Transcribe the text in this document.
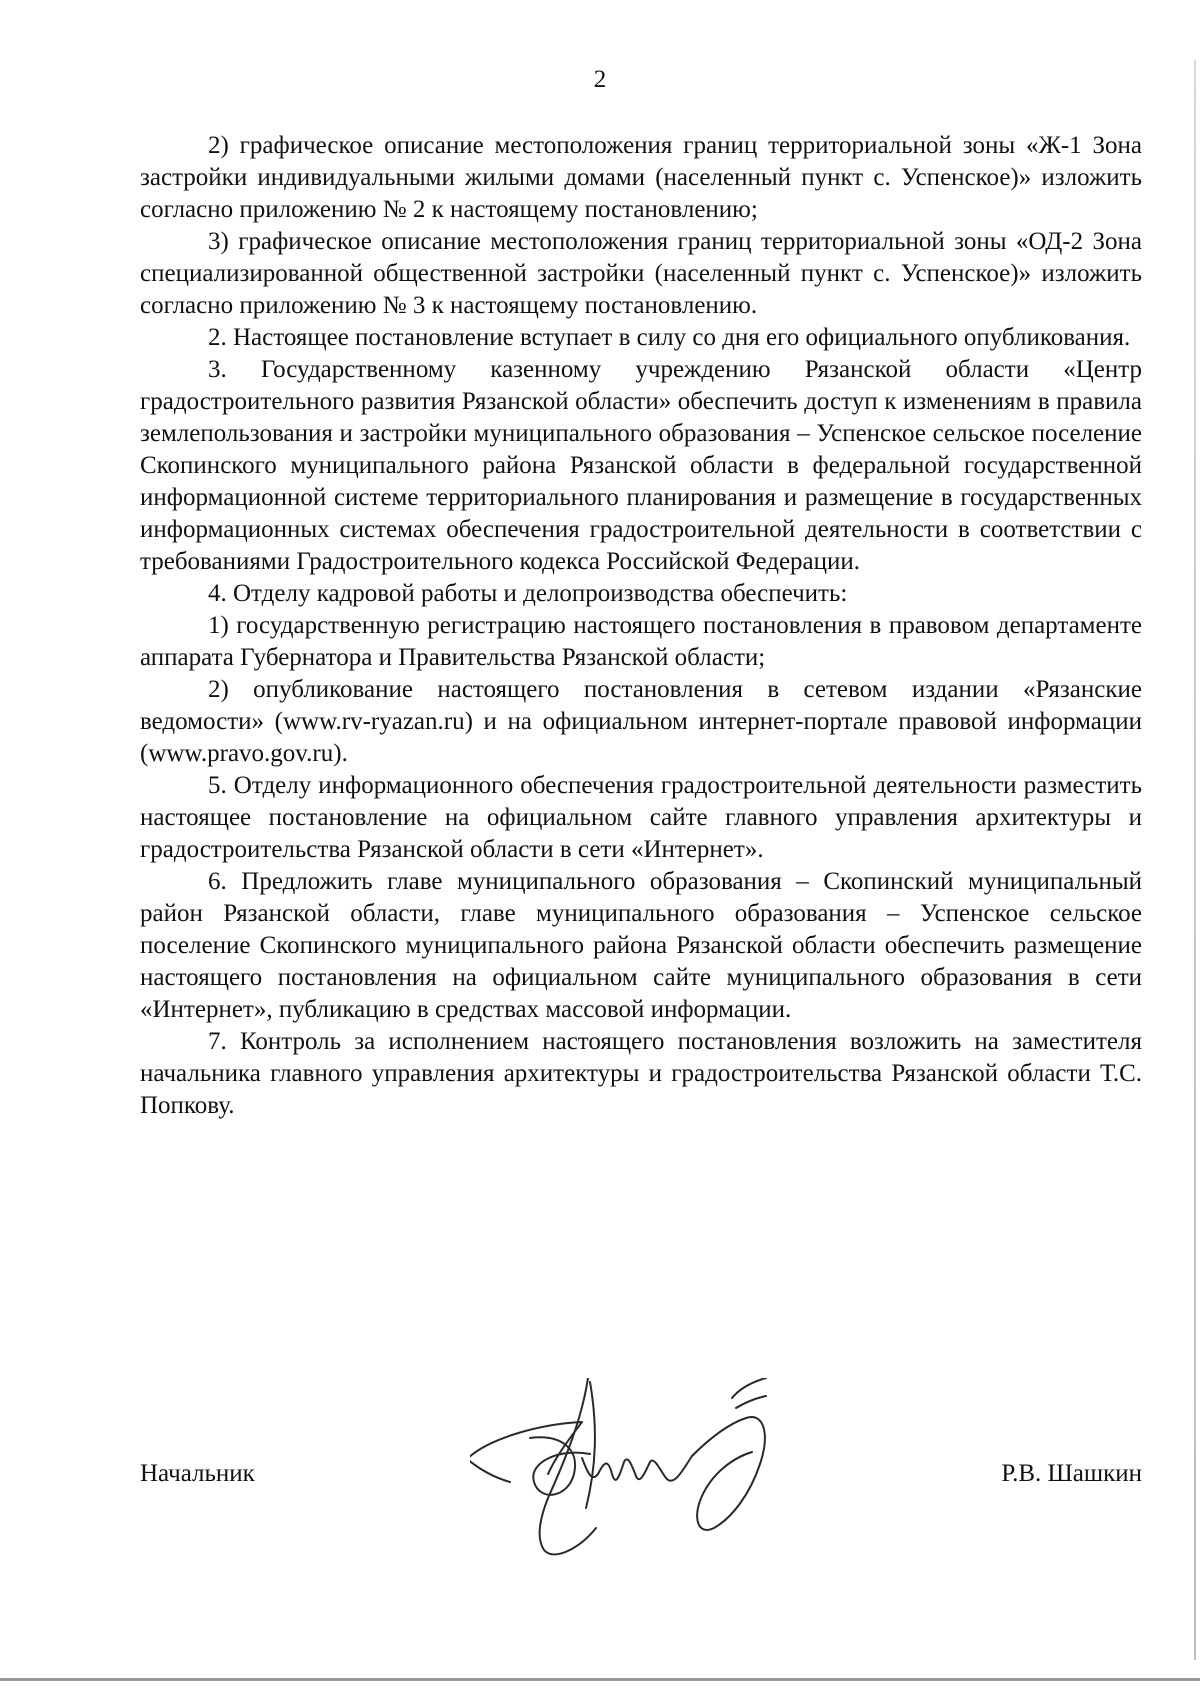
2

2) графическое описание местоположения границ территориальной зоны «Ж-1 Зона застройки индивидуальными жилыми домами (населенный пункт с. Успенское)» изложить согласно приложению № 2 к настоящему постановлению;

3) графическое описание местоположения границ территориальной зоны «ОД-2 Зона специализированной общественной застройки (населенный пункт с. Успенское)» изложить согласно приложению № 3 к настоящему постановлению.

2. Настоящее постановление вступает в силу со дня его официального опубликования.

3. Государственному казенному учреждению Рязанской области «Центр градостроительного развития Рязанской области» обеспечить доступ к изменениям в правила землепользования и застройки муниципального образования – Успенское сельское поселение Скопинского муниципального района Рязанской области в федеральной государственной информационной системе территориального планирования и размещение в государственных информационных системах обеспечения градостроительной деятельности в соответствии с требованиями Градостроительного кодекса Российской Федерации.

4. Отделу кадровой работы и делопроизводства обеспечить:

1) государственную регистрацию настоящего постановления в правовом департаменте аппарата Губернатора и Правительства Рязанской области;

2) опубликование настоящего постановления в сетевом издании «Рязанские ведомости» (www.rv-ryazan.ru) и на официальном интернет-портале правовой информации (www.pravo.gov.ru).

5. Отделу информационного обеспечения градостроительной деятельности разместить настоящее постановление на официальном сайте главного управления архитектуры и градостроительства Рязанской области в сети «Интернет».

6. Предложить главе муниципального образования – Скопинский муниципальный район Рязанской области, главе муниципального образования – Успенское сельское поселение Скопинского муниципального района Рязанской области обеспечить размещение настоящего постановления на официальном сайте муниципального образования в сети «Интернет», публикацию в средствах массовой информации.

7. Контроль за исполнением настоящего постановления возложить на заместителя начальника главного управления архитектуры и градостроительства Рязанской области Т.С. Попкову.

Начальник	Р.В. Шашкин
